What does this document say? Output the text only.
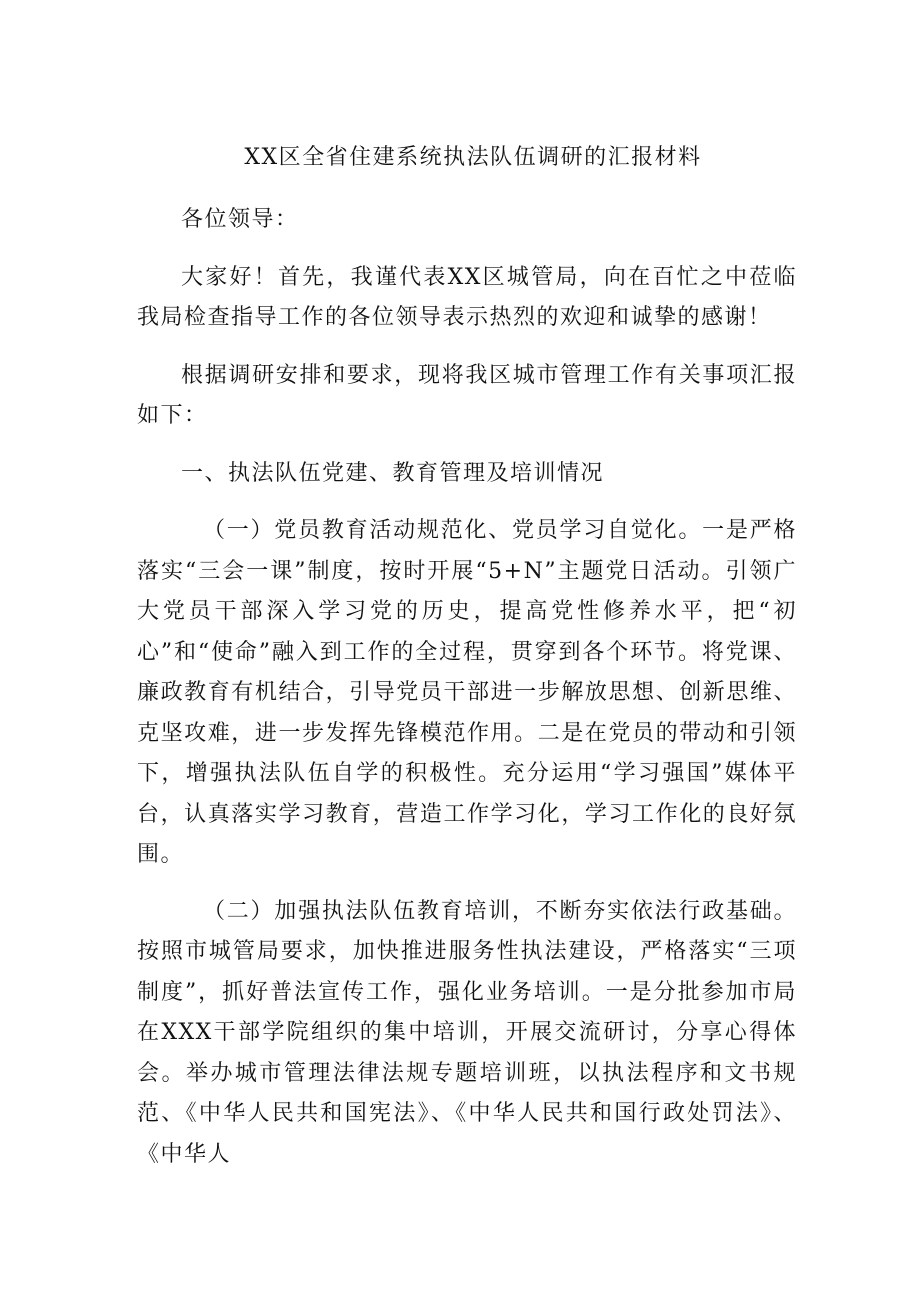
XX区全省住建系统执法队伍调研的汇报材料

各位领导：

大家好！首先，我谨代表XX区城管局，向在百忙之中莅临我局检查指导工作的各位领导表示热烈的欢迎和诚挚的感谢！

根据调研安排和要求，现将我区城市管理工作有关事项汇报如下：

一、执法队伍党建、教育管理及培训情况

（一）党员教育活动规范化、党员学习自觉化。一是严格落实“三会一课”制度，按时开展“5+N”主题党日活动。引领广大党员干部深入学习党的历史，提高党性修养水平，把“初心”和“使命”融入到工作的全过程，贯穿到各个环节。将党课、廉政教育有机结合，引导党员干部进一步解放思想、创新思维、克坚攻难，进一步发挥先锋模范作用。二是在党员的带动和引领下，增强执法队伍自学的积极性。充分运用“学习强国”媒体平台，认真落实学习教育，营造工作学习化，学习工作化的良好氛围。

（二）加强执法队伍教育培训，不断夯实依法行政基础。按照市城管局要求，加快推进服务性执法建设，严格落实“三项制度”，抓好普法宣传工作，强化业务培训。一是分批参加市局在XXX干部学院组织的集中培训，开展交流研讨，分享心得体会。举办城市管理法律法规专题培训班，以执法程序和文书规范、《中华人民共和国宪法》、《中华人民共和国行政处罚法》、《中华人
